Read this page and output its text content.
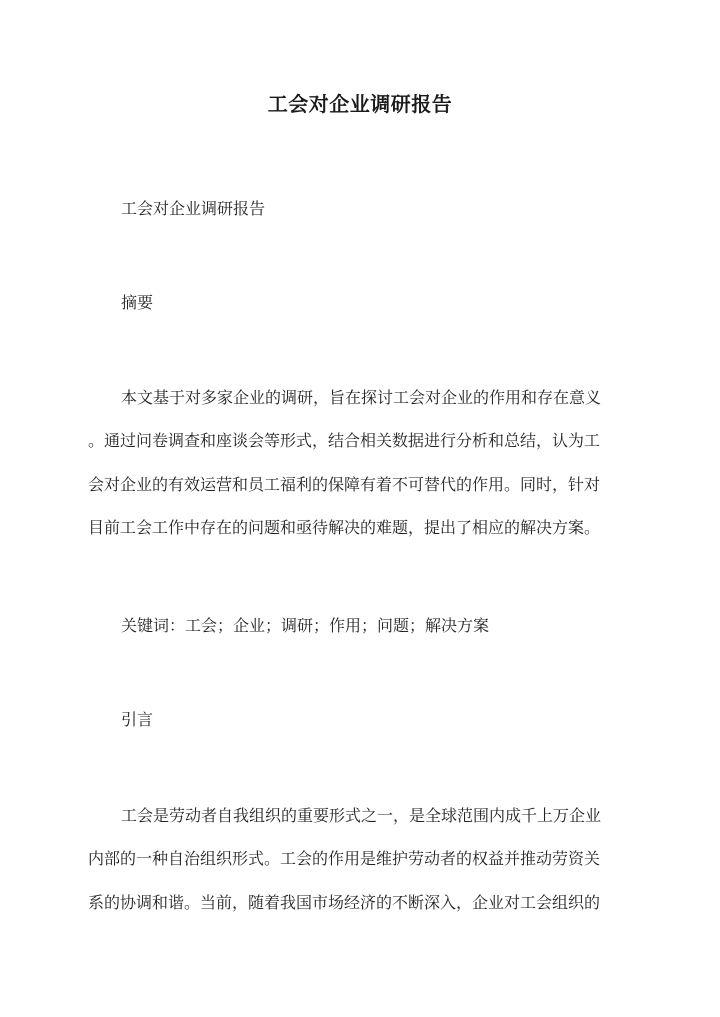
工会对企业调研报告
工会对企业调研报告
摘要
本文基于对多家企业的调研，旨在探讨工会对企业的作用和存在意义
。通过问卷调查和座谈会等形式，结合相关数据进行分析和总结，认为工
会对企业的有效运营和员工福利的保障有着不可替代的作用。同时，针对
目前工会工作中存在的问题和亟待解决的难题，提出了相应的解决方案。
关键词：工会；企业；调研；作用；问题；解决方案
引言
工会是劳动者自我组织的重要形式之一，是全球范围内成千上万企业
内部的一种自治组织形式。工会的作用是维护劳动者的权益并推动劳资关
系的协调和谐。当前，随着我国市场经济的不断深入，企业对工会组织的
